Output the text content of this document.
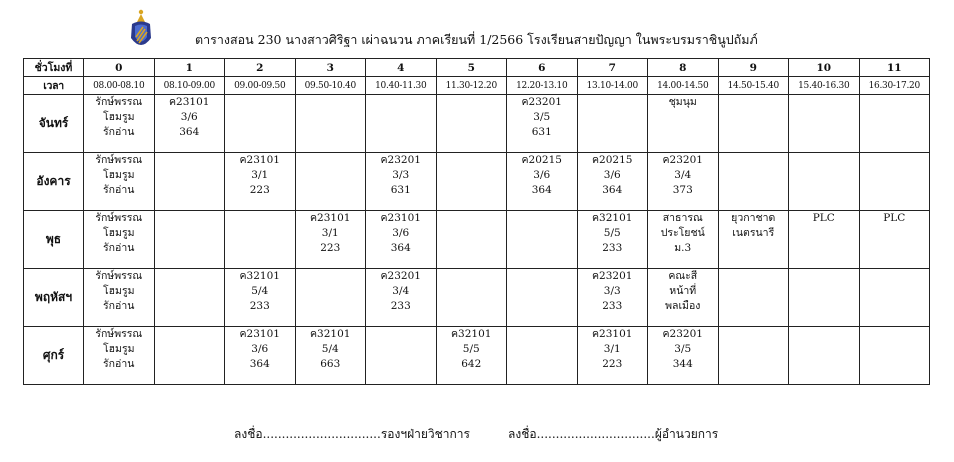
ตารางสอน 230 นางสาวศิริฐา เผ่าฉนวน ภาคเรียนที่ 1/2566 โรงเรียนสายปัญญา ในพระบรมราชินูปถัมภ์
ชั่วโมงที่	0	1	2	3	4	5	6	7	8	9	10	11
เวลา	08.00-08.10	08.10-09.00	09.00-09.50	09.50-10.40	10.40-11.30	11.30-12.20	12.20-13.10	13.10-14.00	14.00-14.50	14.50-15.40	15.40-16.30	16.30-17.20
จันทร์	รักษ์พรรณ
โฮมรูม
รักอ่าน	ค23101
3/6
364					ค23201
3/5
631		ชุมนุม			

อังคาร	รักษ์พรรณ
โฮมรูม
รักอ่าน		ค23101
3/1
223		ค23201
3/3
631		ค20215
3/6
364	ค20215
3/6
364	ค23201
3/4
373			

พุธ	รักษ์พรรณ
โฮมรูม
รักอ่าน			ค23101
3/1
223	ค23101
3/6
364			ค32101
5/5
233	สาธารณ
ประโยชน์
ม.3	ยุวกาชาด
เนตรนารี	PLC	PLC

พฤหัสฯ	รักษ์พรรณ
โฮมรูม
รักอ่าน		ค32101
5/4
233		ค23201
3/4
233			ค23201
3/3
233	คณะสี
หน้าที่
พลเมือง			

ศุกร์	รักษ์พรรณ
โฮมรูม
รักอ่าน		ค23101
3/6
364	ค32101
5/4
663		ค32101
5/5
642		ค23101
3/1
223	ค23201
3/5
344			

ลงชื่อ...............................รองฯฝ่ายวิชาการ	ลงชื่อ...............................ผู้อำนวยการ
